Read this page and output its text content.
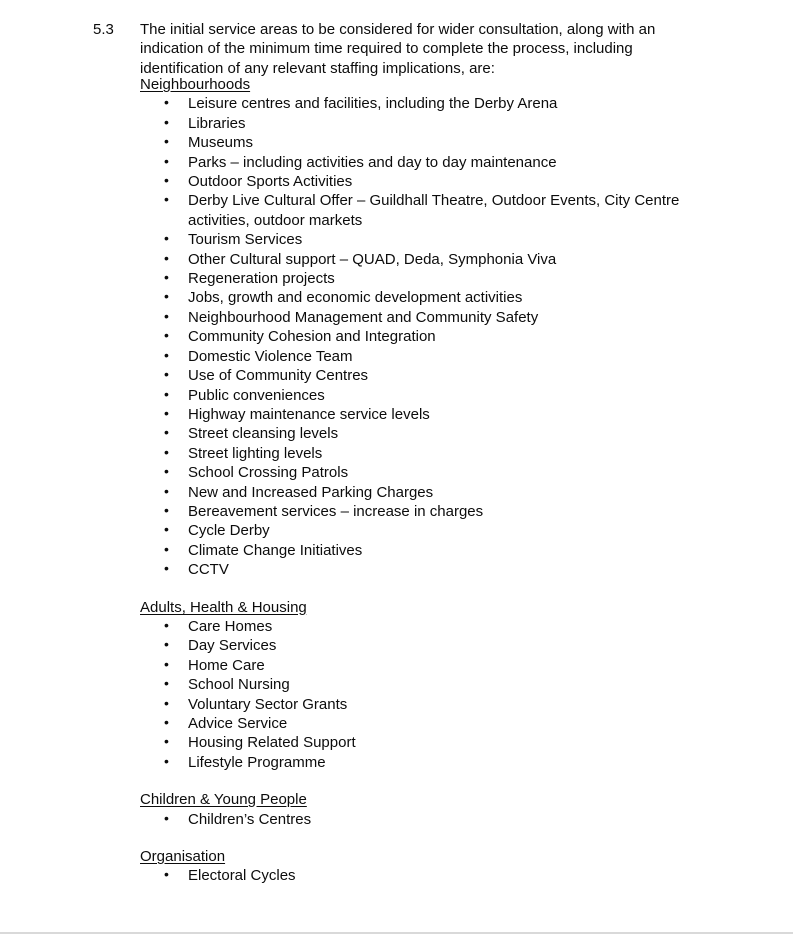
5.3 The initial service areas to be considered for wider consultation, along with an indication of the minimum time required to complete the process, including identification of any relevant staffing implications, are:

Neighbourhoods
• Leisure centres and facilities, including the Derby Arena
• Libraries
• Museums
• Parks – including activities and day to day maintenance
• Outdoor Sports Activities
• Derby Live Cultural Offer – Guildhall Theatre, Outdoor Events, City Centre activities, outdoor markets
• Tourism Services
• Other Cultural support – QUAD, Deda, Symphonia Viva
• Regeneration projects
• Jobs, growth and economic development activities
• Neighbourhood Management and Community Safety
• Community Cohesion and Integration
• Domestic Violence Team
• Use of Community Centres
• Public conveniences
• Highway maintenance service levels
• Street cleansing levels
• Street lighting levels
• School Crossing Patrols
• New and Increased Parking Charges
• Bereavement services – increase in charges
• Cycle Derby
• Climate Change Initiatives
• CCTV
Adults, Health & Housing
• Care Homes
• Day Services
• Home Care
• School Nursing
• Voluntary Sector Grants
• Advice Service
• Housing Related Support
• Lifestyle Programme
Children & Young People
• Children’s Centres
Organisation
• Electoral Cycles
